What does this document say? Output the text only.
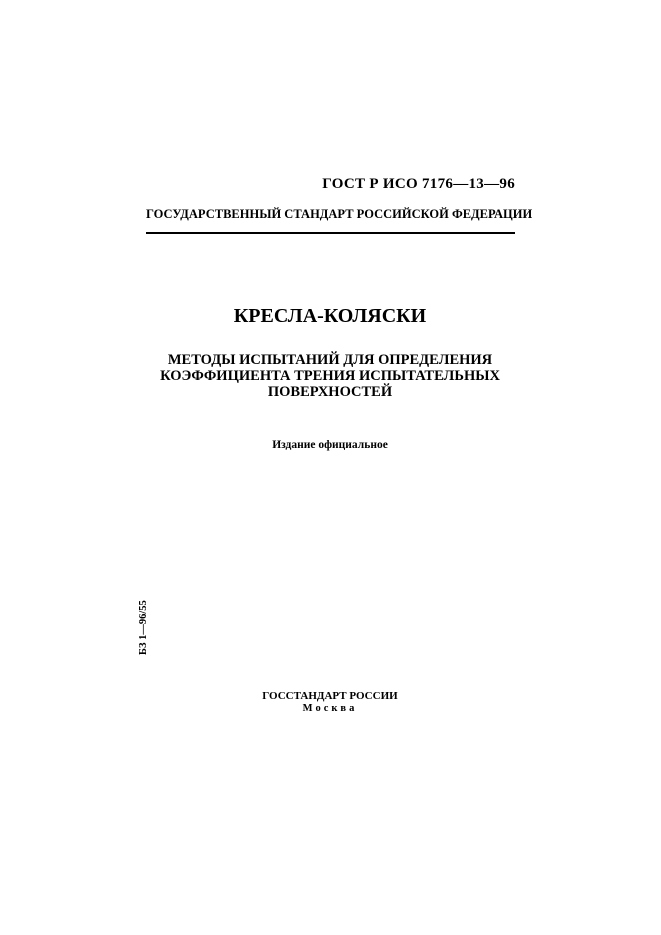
ГОСТ Р ИСО 7176—13—96
ГОСУДАРСТВЕННЫЙ СТАНДАРТ РОССИЙСКОЙ ФЕДЕРАЦИИ
КРЕСЛА-КОЛЯСКИ
МЕТОДЫ ИСПЫТАНИЙ ДЛЯ ОПРЕДЕЛЕНИЯ
КОЭФФИЦИЕНТА ТРЕНИЯ ИСПЫТАТЕЛЬНЫХ
ПОВЕРХНОСТЕЙ
Издание официальное
БЗ 1—96/55
ГОССТАНДАРТ РОССИИ
Москва
